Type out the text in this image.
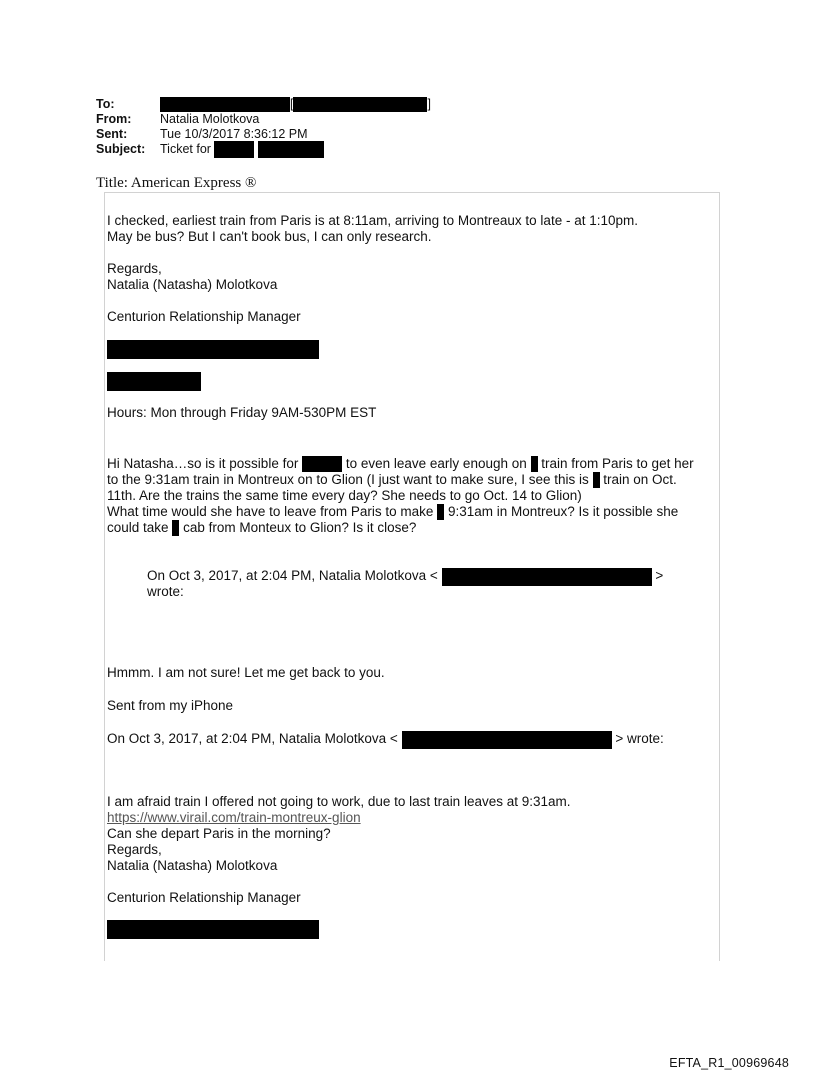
To:	[	]
From:	Natalia Molotkova
Sent:	Tue 10/3/2017 8:36:12 PM
Subject:	Ticket for
Title: American Express ®
I checked, earliest train from Paris is at 8:11am, arriving to Montreaux to late - at 1:10pm.
May be bus? But I can't book bus, I can only research.
Regards,
Natalia (Natasha) Molotkova
Centurion Relationship Manager
Hours: Mon through Friday 9AM-530PM EST
Hi Natasha…so is it possible for	to even leave early enough on train from Paris to get her
to the 9:31am train in Montreux on to Glion (I just want to make sure, I see this is train on Oct.
11th. Are the trains the same time every day? She needs to go Oct. 14 to Glion)
What time would she have to leave from Paris to make 9:31am in Montreux? Is it possible she
could take cab from Monteux to Glion? Is it close?
On Oct 3, 2017, at 2:04 PM, Natalia Molotkova <	>
wrote:
Hmmm. I am not sure! Let me get back to you.
Sent from my iPhone
On Oct 3, 2017, at 2:04 PM, Natalia Molotkova <	> wrote:
I am afraid train I offered not going to work, due to last train leaves at 9:31am.
https://www.virail.com/train-montreux-glion
Can she depart Paris in the morning?
Regards,
Natalia (Natasha) Molotkova
Centurion Relationship Manager
EFTA_R1_00969648
